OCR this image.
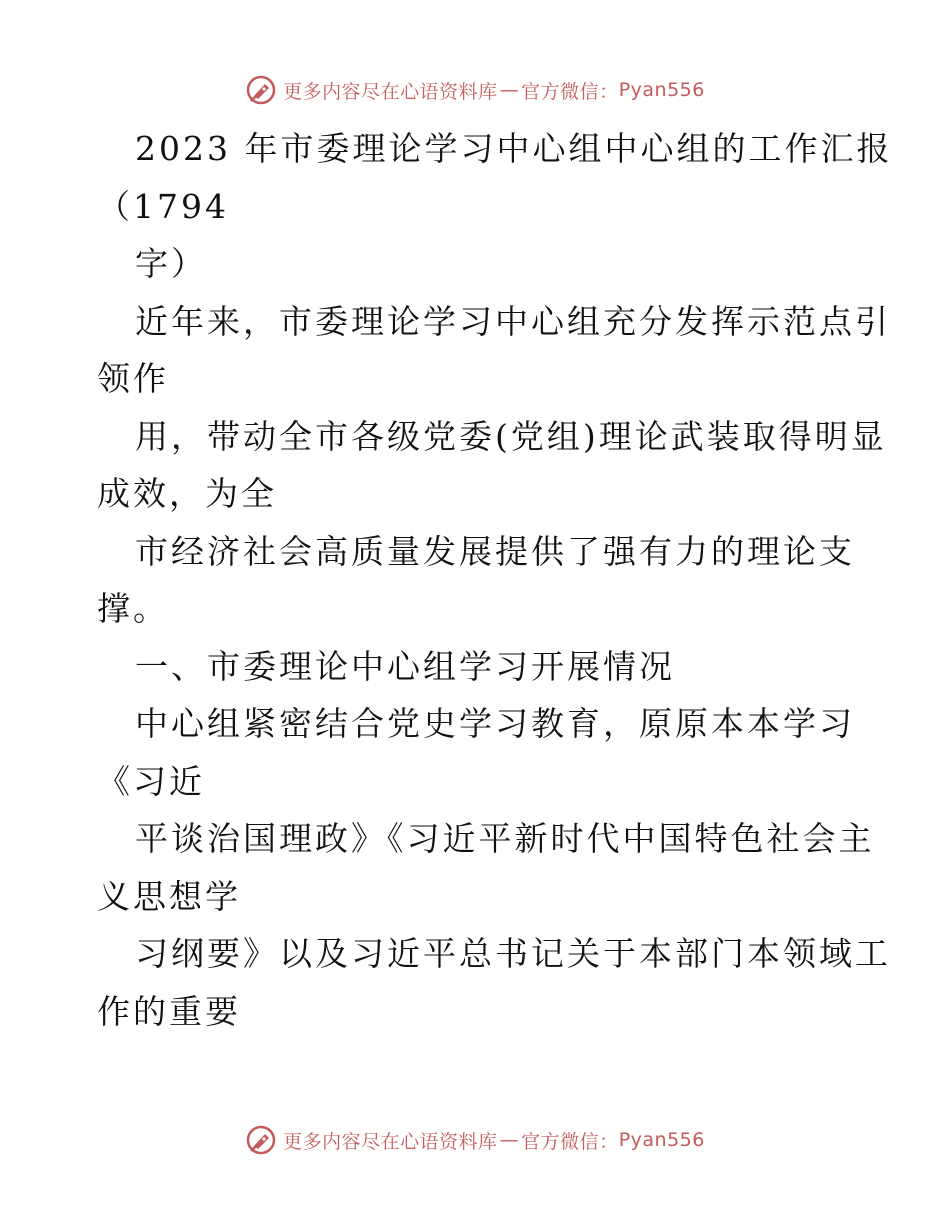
更多内容尽在心语资料库 — 官方微信： Pyan556
2023 年市委理论学习中心组中心组的工作汇报
（1794
字）
近年来，市委理论学习中心组充分发挥示范点引
领作
用，带动全市各级党委(党组)理论武装取得明显
成效，为全
市经济社会高质量发展提供了强有力的理论支
撑。
一、市委理论中心组学习开展情况
中心组紧密结合党史学习教育，原原本本学习
《习近
平谈治国理政》《习近平新时代中国特色社会主
义思想学
习纲要》以及习近平总书记关于本部门本领域工
作的重要
更多内容尽在心语资料库 — 官方微信： Pyan556
